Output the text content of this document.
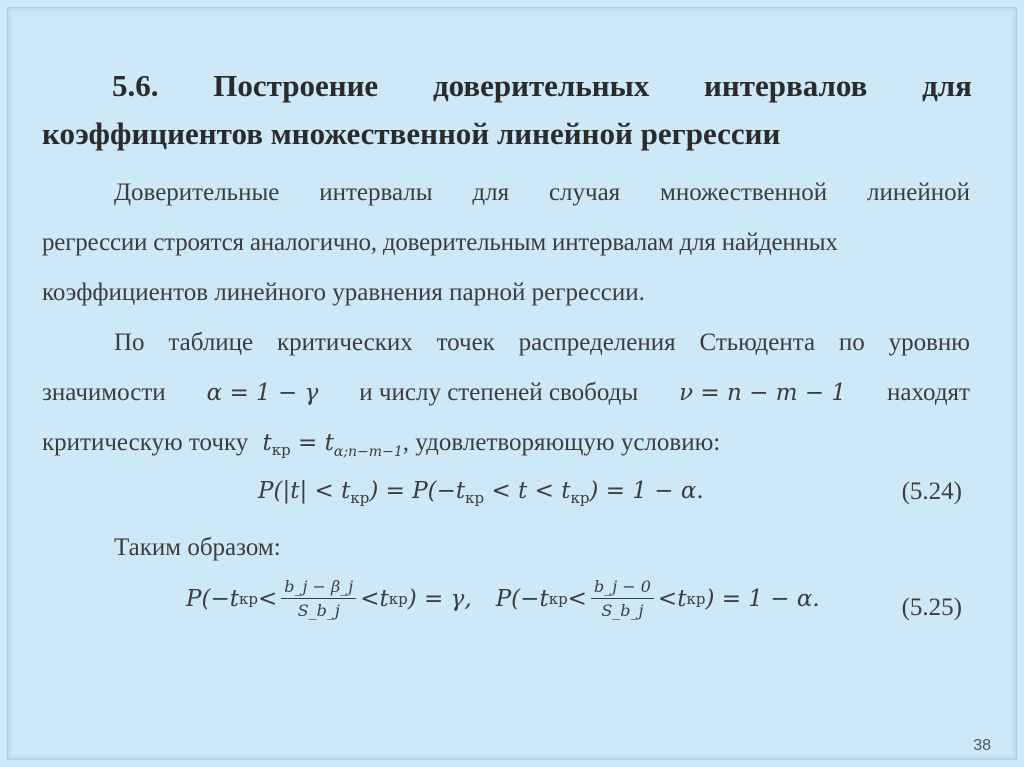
5.6. Построение доверительных интервалов для
коэффициентов множественной линейной регрессии
Доверительные интервалы для случая множественной линейной
регрессии строятся аналогично, доверительным интервалам для найденных
коэффициентов линейного уравнения парной регрессии.
По таблице критических точек распределения Стьюдента по уровню
значимости α = 1 − γ и числу степеней свободы ν = n − m − 1 находят
критическую точку $t_{кр} = t_{\alpha;n-m-1}$, удовлетворяющую условию:
$P(|t| < t_{кр}) = P(-t_{кр} < t < t_{кр}) = 1 - \alpha$.	(5.24)
Таким образом:
P(− t кр < $\frac{b\_j - \beta\_j}{S\_b\_j} < t$ кр ) = γ, P(− t кр < $\frac{b\_j - 0}{S\_b\_j} < t$ кр ) = 1 − α.	(5.25)
38
